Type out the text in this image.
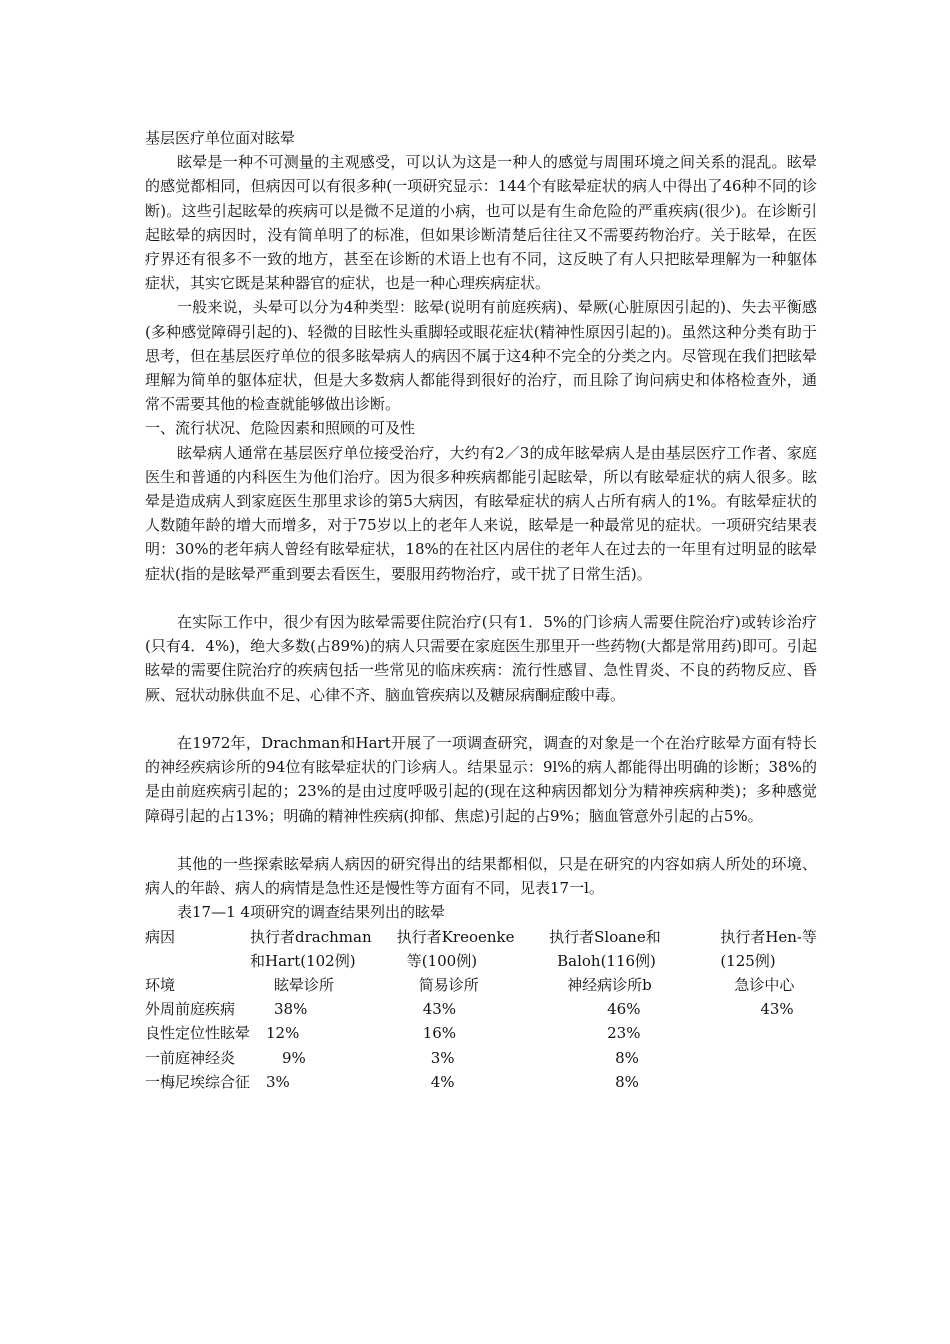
基层医疗单位面对眩晕

眩晕是一种不可测量的主观感受，可以认为这是一种人的感觉与周围环境之间关系的混乱。眩晕的感觉都相同，但病因可以有很多种(一项研究显示：144个有眩晕症状的病人中得出了46种不同的诊断)。这些引起眩晕的疾病可以是微不足道的小病，也可以是有生命危险的严重疾病(很少)。在诊断引起眩晕的病因时，没有简单明了的标准，但如果诊断清楚后往往又不需要药物治疗。关于眩晕，在医疗界还有很多不一致的地方，甚至在诊断的术语上也有不同，这反映了有人只把眩晕理解为一种躯体症状，其实它既是某种器官的症状，也是一种心理疾病症状。

一般来说，头晕可以分为4种类型：眩晕(说明有前庭疾病)、晕厥(心脏原因引起的)、失去平衡感(多种感觉障碍引起的)、轻微的目眩性头重脚轻或眼花症状(精神性原因引起的)。虽然这种分类有助于思考，但在基层医疗单位的很多眩晕病人的病因不属于这4种不完全的分类之内。尽管现在我们把眩晕理解为简单的躯体症状，但是大多数病人都能得到很好的治疗，而且除了询问病史和体格检查外，通常不需要其他的检查就能够做出诊断。

一、流行状况、危险因素和照顾的可及性

眩晕病人通常在基层医疗单位接受治疗，大约有2／3的成年眩晕病人是由基层医疗工作者、家庭医生和普通的内科医生为他们治疗。因为很多种疾病都能引起眩晕，所以有眩晕症状的病人很多。眩晕是造成病人到家庭医生那里求诊的第5大病因，有眩晕症状的病人占所有病人的1%。有眩晕症状的人数随年龄的增大而增多，对于75岁以上的老年人来说，眩晕是一种最常见的症状。一项研究结果表明：30%的老年病人曾经有眩晕症状，18%的在社区内居住的老年人在过去的一年里有过明显的眩晕症状(指的是眩晕严重到要去看医生，要服用药物治疗，或干扰了日常生活)。

在实际工作中，很少有因为眩晕需要住院治疗(只有1．5%的门诊病人需要住院治疗)或转诊治疗(只有4．4%)，绝大多数(占89%)的病人只需要在家庭医生那里开一些药物(大都是常用药)即可。引起眩晕的需要住院治疗的疾病包括一些常见的临床疾病：流行性感冒、急性胃炎、不良的药物反应、昏厥、冠状动脉供血不足、心律不齐、脑血管疾病以及糖尿病酮症酸中毒。

在1972年，Drachman和Hart开展了一项调查研究，调查的对象是一个在治疗眩晕方面有特长的神经疾病诊所的94位有眩晕症状的门诊病人。结果显示：9l%的病人都能得出明确的诊断；38%的是由前庭疾病引起的；23%的是由过度呼吸引起的(现在这种病因都划分为精神疾病种类)；多种感觉障碍引起的占13%；明确的精神性疾病(抑郁、焦虑)引起的占9%；脑血管意外引起的占5%。

其他的一些探索眩晕病人病因的研究得出的结果都相似，只是在研究的内容如病人所处的环境、病人的年龄、病人的病情是急性还是慢性等方面有不同，见表17一l。

表17—1 4项研究的调查结果列出的眩晕

病因	执行者drachman	执行者Kreoenke	执行者Sloane和	执行者Hen-等
	和Hart(102例)	等(100例)	Baloh(116例)	(125例)
环境	眩晕诊所	简易诊所	神经病诊所b	急诊中心
外周前庭疾病	38%	43%	46%	43%
良性定位性眩晕	12%	16%	23%	
一前庭神经炎	9%	3%	8%	
一梅尼埃综合征	3%	4%	8%	
